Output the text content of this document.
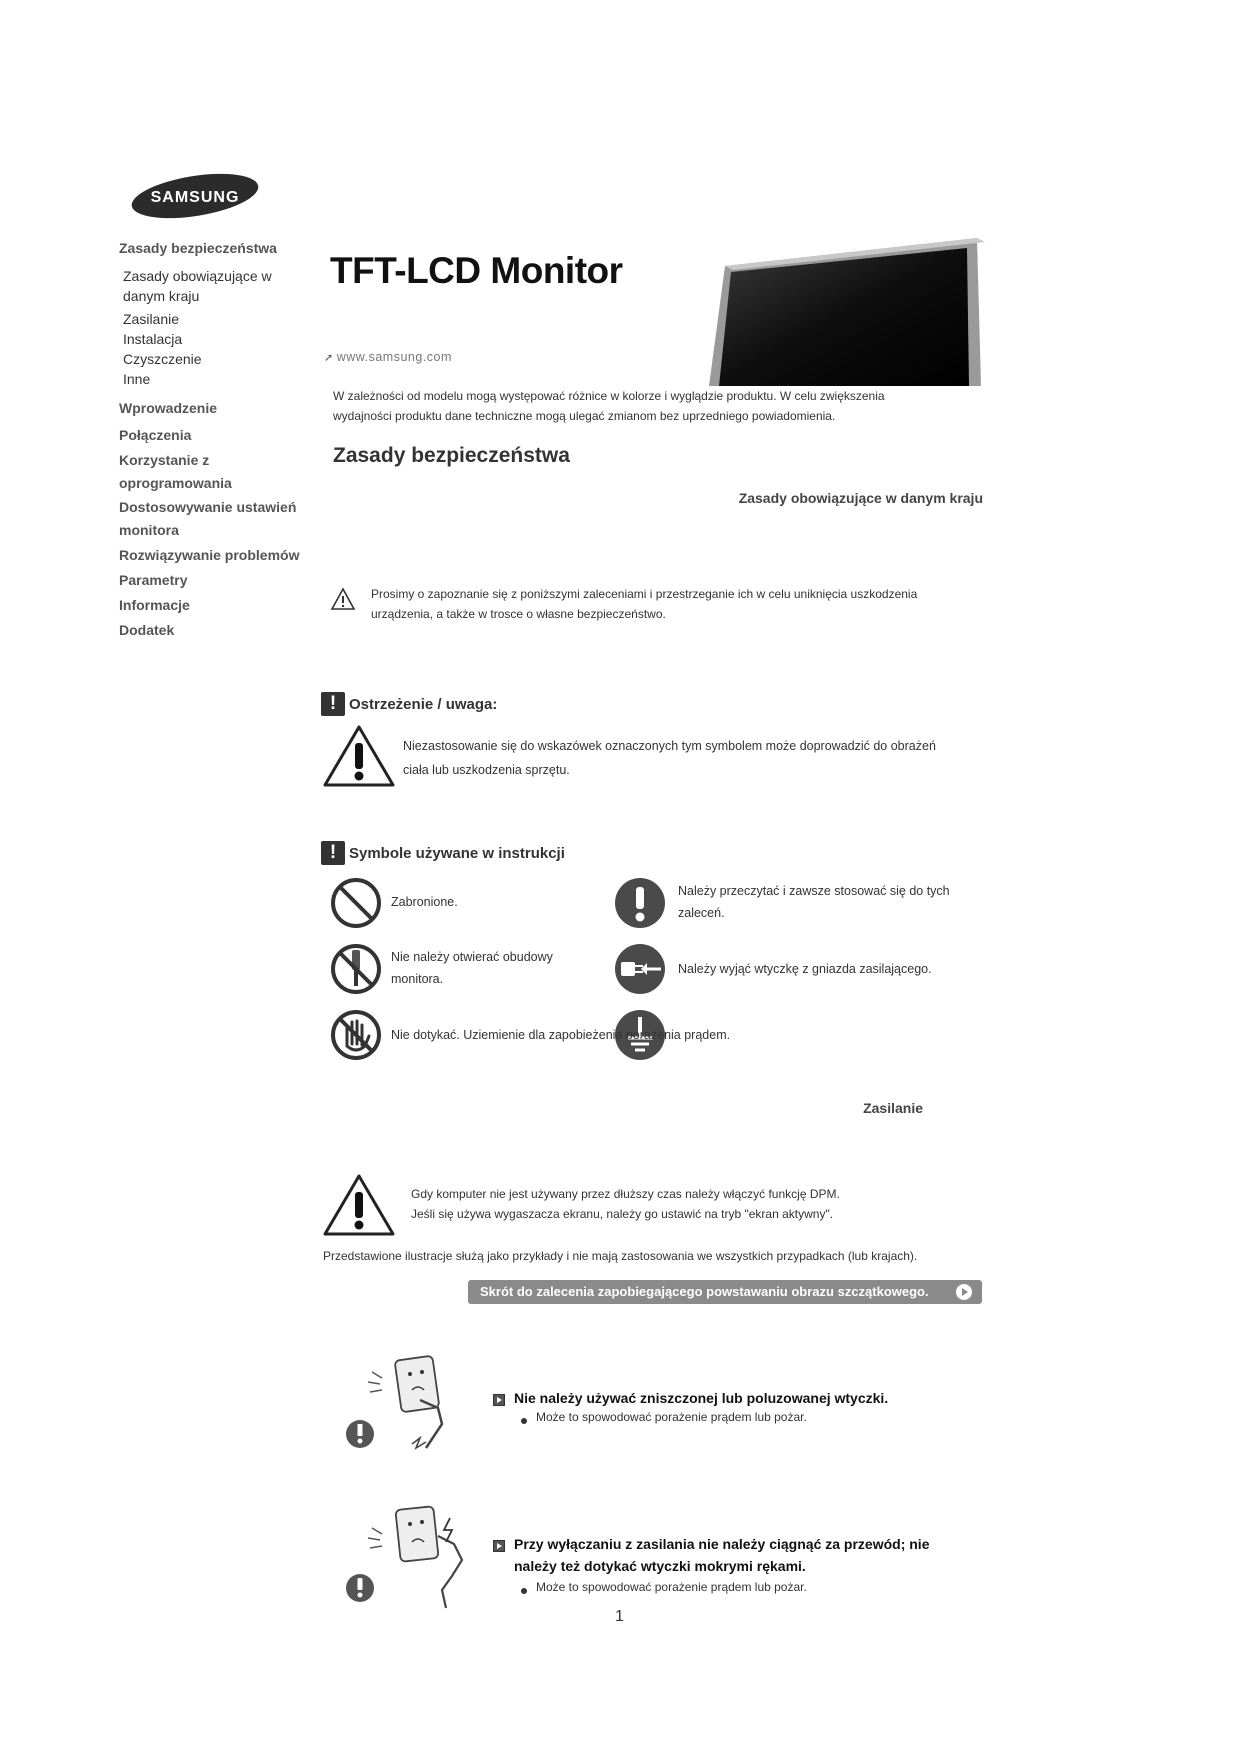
SAMSUNG
Zasady bezpieczeństwa
Zasady obowiązujące w
danym kraju
Zasilanie
Instalacja
Czyszczenie
Inne
Wprowadzenie
Połączenia
Korzystanie z
oprogramowania
Dostosowywanie ustawień
monitora
Rozwiązywanie problemów
Parametry
Informacje
Dodatek
TFT-LCD Monitor
➚ www.samsung.com
W zależności od modelu mogą występować różnice w kolorze i wyglądzie produktu. W celu zwiększenia
wydajności produktu dane techniczne mogą ulegać zmianom bez uprzedniego powiadomienia.
Zasady bezpieczeństwa
Zasady obowiązujące w danym kraju
Prosimy o zapoznanie się z poniższymi zaleceniami i przestrzeganie ich w celu uniknięcia uszkodzenia
urządzenia, a także w trosce o własne bezpieczeństwo.
! Ostrzeżenie / uwaga:
Niezastosowanie się do wskazówek oznaczonych tym symbolem może doprowadzić do obrażeń
ciała lub uszkodzenia sprzętu.
! Symbole używane w instrukcji
Zabronione.
Należy przeczytać i zawsze stosować się do tych
zaleceń.
Nie należy otwierać obudowy
monitora.
Należy wyjąć wtyczkę z gniazda zasilającego.
Nie dotykać. Uziemienie dla zapobieżenia porażenia prądem.
Zasilanie
Gdy komputer nie jest używany przez dłuższy czas należy włączyć funkcję DPM.
Jeśli się używa wygaszacza ekranu, należy go ustawić na tryb "ekran aktywny".
Przedstawione ilustracje służą jako przykłady i nie mają zastosowania we wszystkich przypadkach (lub krajach).
Skrót do zalecenia zapobiegającego powstawaniu obrazu szczątkowego.
Nie należy używać zniszczonej lub poluzowanej wtyczki.
Może to spowodować porażenie prądem lub pożar.
Przy wyłączaniu z zasilania nie należy ciągnąć za przewód; nie
należy też dotykać wtyczki mokrymi rękami.
Może to spowodować porażenie prądem lub pożar.
1
